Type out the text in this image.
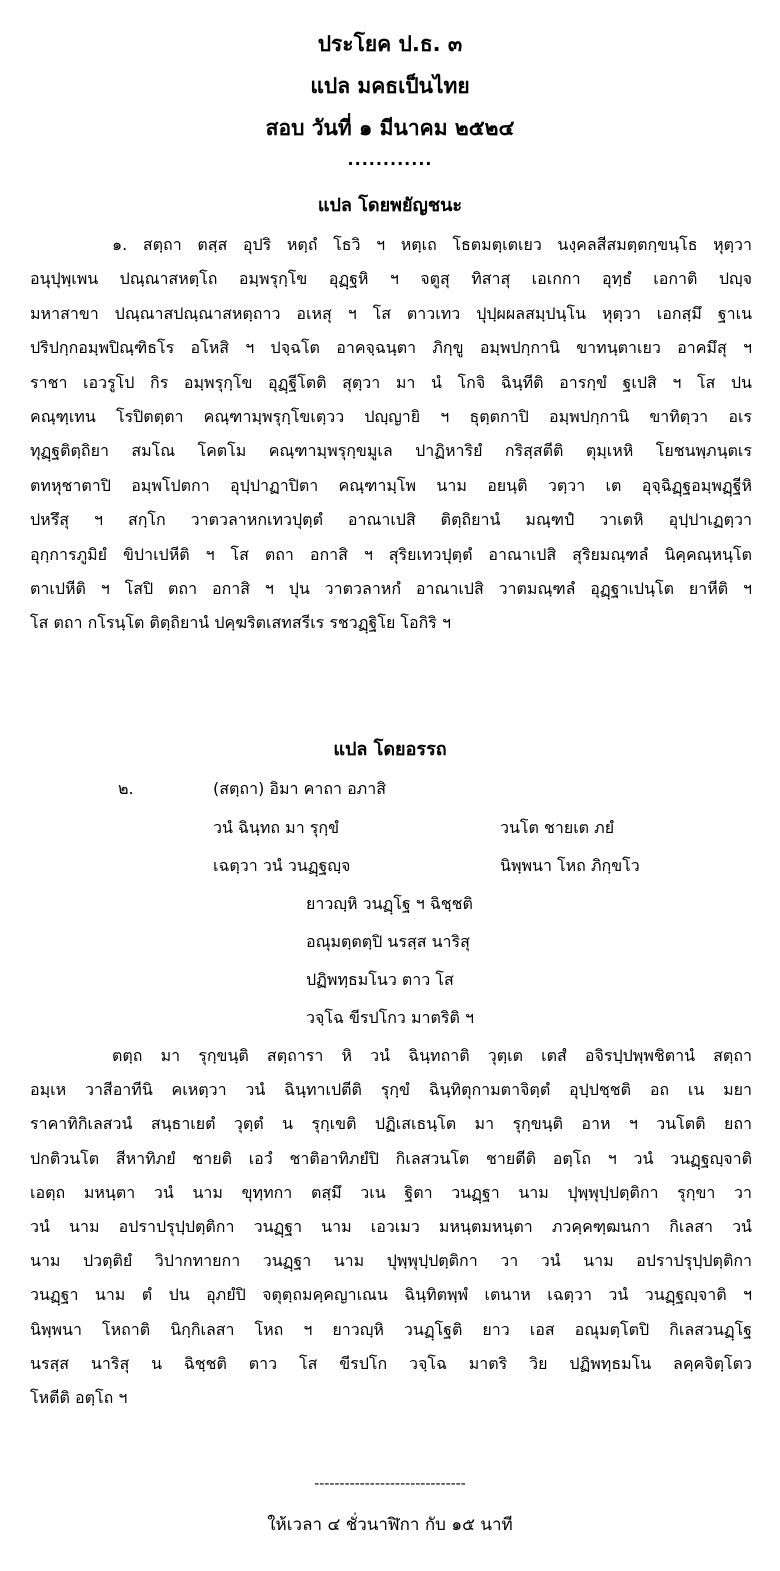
ประโยค ป.ธ. ๓
แปล มคธเป็นไทย
สอบ วันที่ ๑ มีนาคม ๒๕๒๔
............
แปล โดยพยัญชนะ
๑. สตฺถา ตสฺส อุปริ หตฺถํ โธวิ ฯ หตฺเถ โธตมตฺเตเยว นงฺคลสีสมตฺตกฺขนฺโธ หุตฺวา
อนุปุพฺเพน ปณฺณาสหตฺโถ อมฺพรุกฺโข อุฏฺฐหิ ฯ จตูสุ ทิสาสุ เอเกกา อุทฺธํ เอกาติ ปญฺจ
มหาสาขา ปณฺณาสปณฺณาสหตฺถาว อเหสุ ฯ โส ตาวเทว ปุปฺผผลสมฺปนฺโน หุตฺวา เอกสฺมึ ฐาเน
ปริปกฺกอมฺพปิณฺฑิธโร อโหสิ ฯ ปจฺฉโต อาคจฺฉนฺตา ภิกฺขู อมฺพปกฺกานิ ขาทนฺตาเยว อาคมึสุ ฯ
ราชา เอวรูโป กิร อมฺพรุกฺโข อุฏฺฐีโตติ สุตฺวา มา นํ โกจิ ฉินฺทีติ อารกฺขํ ฐเปสิ ฯ โส ปน
คณฺฑฺเทน โรปิตตฺตา คณฺฑามฺพรุกฺโขเตฺวว ปญฺญายิ ฯ ธุตฺตกาปิ อมฺพปกฺกานิ ขาทิตฺวา อเร
ทุฏฺฐติตฺถิยา สมโณ โคตโม คณฺฑามฺพรุกฺขมูเล ปาฏิหาริยํ กริสฺสตีติ ตุมฺเหหิ โยชนพฺภนฺตเร
ตทหุชาตาปิ อมฺพโปตกา อุปฺปาฏาปิตา คณฺฑามฺโพ นาม อยนฺติ วตฺวา เต อุจฺฉิฏฺฐอมฺพฏฺฐีหิ
ปหรึสุ ฯ สกฺโก วาตวลาหกเทวปุตฺตํ อาณาเปสิ ติตฺถิยานํ มณฺฑปํ วาเตหิ อุปฺปาเฏตฺวา
อุกฺการภูมิยํ ขิปาเปหีติ ฯ โส ตถา อกาสิ ฯ สุริยเทวปุตฺตํ อาณาเปสิ สุริยมณฺฑลํ นิคฺคณฺหนฺโต
ตาเปหีติ ฯ โสปิ ตถา อกาสิ ฯ ปุน วาตวลาหกํ อาณาเปสิ วาตมณฺฑลํ อุฏฺฐาเปนฺโต ยาหีติ ฯ
โส ตถา กโรนฺโต ติตฺถิยานํ ปคฺฆริตเสทสรีเร รชวฏฺฐิโย โอกิริ ฯ
แปล โดยอรรถ
๒.	(สตฺถา) อิมา คาถา อภาสิ
วนํ ฉินฺทถ มา รุกฺขํ	วนโต ชายเต ภยํ
เฉตฺวา วนํ วนฏฺฐญฺจ	นิพฺพนา โหถ ภิกฺขโว
ยาวญฺหิ วนฏฺโฐ ฯ ฉิชฺชติ
อณุมตฺตตฺปิ นรสฺส นาริสุ
ปฏิพทฺธมโนว ตาว โส
วจฺโฉ ขีรปโกว มาตริติ ฯ
ตตฺถ มา รุกฺขนฺติ สตฺถารา หิ วนํ ฉินฺทถาติ วุตฺเต เตสํ อจิรปฺปพฺพชิตานํ สตฺถา
อมฺเห วาสีอาทีนิ คเหตฺวา วนํ ฉินฺทาเปตีติ รุกฺขํ ฉินฺทิตุกามตาจิตฺตํ อุปฺปชฺชติ อถ เน มยา
ราคาทิกิเลสวนํ สนฺธาเยตํ วุตฺตํ น รุกฺเขติ ปฏิเสเธนฺโต มา รุกฺขนฺติ อาห ฯ วนโตติ ยถา
ปกติวนโต สีหาทิภยํ ชายติ เอวํ ชาติอาทิภยํปิ กิเลสวนโต ชายตีติ อตฺโถ ฯ วนํ วนฏฺฐญฺจาติ
เอตฺถ มหนฺตา วนํ นาม ขุทฺทกา ตสฺมึ วเน ฐิตา วนฏฺฐา นาม ปุพฺพุปฺปตฺติกา รุกฺขา วา
วนํ นาม อปราปรุปฺปตฺติกา วนฏฺฐา นาม เอวเมว มหนฺตมหนฺตา ภวคฺคฑฺฒนกา กิเลสา วนํ
นาม ปวตฺติยํ วิปากทายกา วนฏฺฐา นาม ปุพฺพุปฺปตฺติกา วา วนํ นาม อปราปรุปฺปตฺติกา
วนฏฺฐา นาม ตํ ปน อุภยํปิ จตุตฺถมคฺคญาเณน ฉินฺทิตพฺพํ เตนาห เฉตฺวา วนํ วนฏฺฐญฺจาติ ฯ
นิพฺพนา โหถาติ นิกฺกิเลสา โหถ ฯ ยาวญฺหิ วนฏฺโฐติ ยาว เอส อณุมตฺโตปิ กิเลสวนฏฺโฐ
นรสฺส นาริสุ น ฉิชฺชติ ตาว โส ขีรปโก วจฺโฉ มาตริ วิย ปฏิพทฺธมโน ลคฺคจิตฺโตว
โหตีติ อตฺโถ ฯ
------------------------------
ให้เวลา ๔ ชั่วนาฬิกา กับ ๑๕ นาที
